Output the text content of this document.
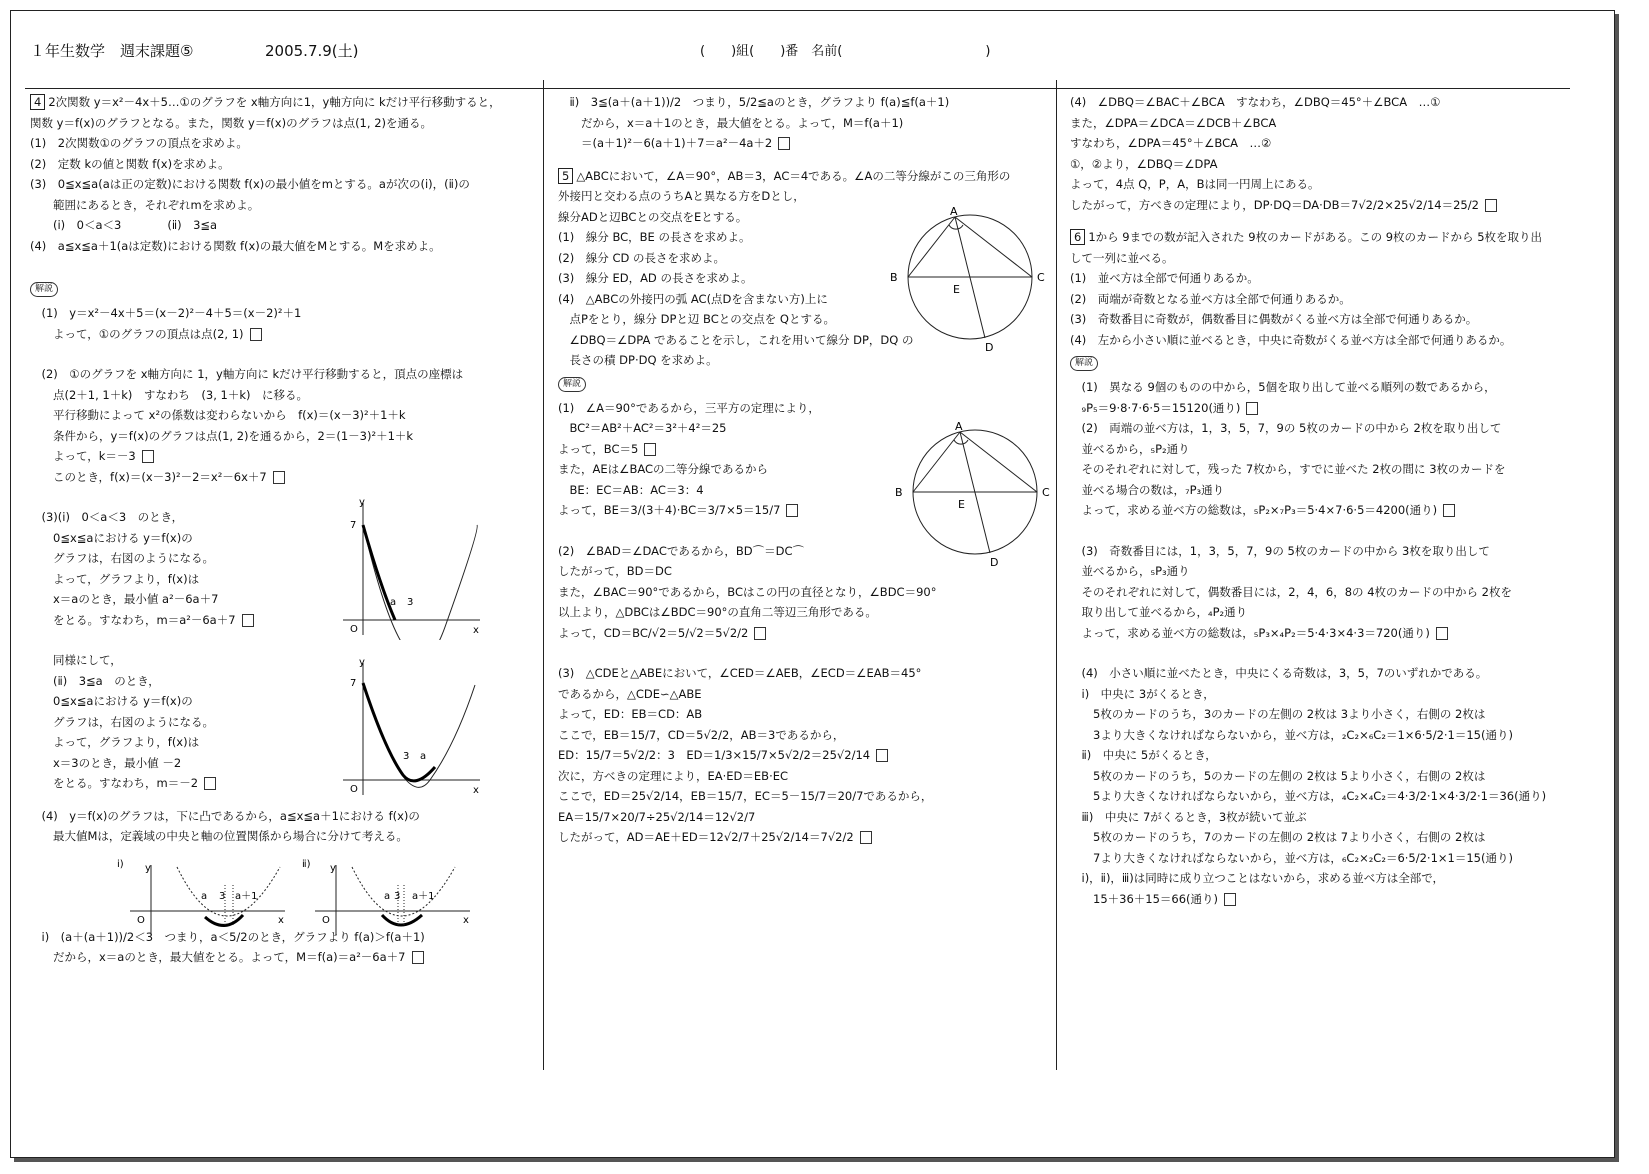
１年生数学　週末課題⑤	2005.7.9(土)	(　　)組(　　)番　名前(　　　　　　　　　　　)

4 2次関数 y＝x²－4x＋5…①のグラフを x軸方向に1，y軸方向に kだけ平行移動すると，

関数 y＝f(x)のグラフとなる。また，関数 y＝f(x)のグラフは点(1, 2)を通る。

(1)　2次関数①のグラフの頂点を求めよ。

(2)　定数 kの値と関数 f(x)を求めよ。

(3)　0≦x≦a(aは正の定数)における関数 f(x)の最小値をmとする。aが次の(ⅰ)，(ⅱ)の

　　範囲にあるとき，それぞれmを求めよ。

　　(ⅰ)　0＜a＜3　　　　(ⅱ)　3≦a

(4)　a≦x≦a＋1(aは定数)における関数 f(x)の最大値をMとする。Mを求めよ。

解説

　(1)　y＝x²－4x＋5＝(x－2)²－4＋5＝(x－2)²＋1

　　よって，①のグラフの頂点は点(2, 1)

　(2)　①のグラフを x軸方向に 1，y軸方向に kだけ平行移動すると，頂点の座標は

　　点(2＋1, 1＋k)　すなわち　(3, 1＋k)　に移る。

　　平行移動によって x²の係数は変わらないから　f(x)＝(x－3)²＋1＋k

　　条件から，y＝f(x)のグラフは点(1, 2)を通るから，2＝(1－3)²＋1＋k

　　よって，k＝－3

　　このとき，f(x)＝(x－3)²－2＝x²－6x＋7

　(3)(ⅰ)　0＜a＜3　のとき，

　　0≦x≦aにおける y＝f(x)の

　　グラフは，右図のようになる。

　　よって，グラフより，f(x)は

　　x＝aのとき，最小値 a²－6a＋7

　　をとる。すなわち，m＝a²－6a＋7

　　同様にして，

　　(ⅱ)　3≦a　のとき，

　　0≦x≦aにおける y＝f(x)の

　　グラフは，右図のようになる。

　　よって，グラフより，f(x)は

　　x＝3のとき，最小値 －2

　　をとる。すなわち，m＝－2

　(4)　y＝f(x)のグラフは，下に凸であるから，a≦x≦a＋1における f(x)の

　　最大値Mは，定義域の中央と軸の位置関係から場合に分けて考える。

　ⅰ)　(a＋(a＋1))/2＜3　つまり，a＜5/2のとき，グラフより f(a)＞f(a＋1)

　　だから，x＝aのとき，最大値をとる。よって，M＝f(a)＝a²－6a＋7

　ⅱ)　3≦(a＋(a＋1))/2　つまり，5/2≦aのとき，グラフより f(a)≦f(a＋1)

　　だから，x＝a＋1のとき，最大値をとる。よって，M＝f(a＋1)

　　＝(a＋1)²－6(a＋1)＋7＝a²－4a＋2

5 △ABCにおいて，∠A＝90°，AB＝3，AC＝4である。∠Aの二等分線がこの三角形の

外接円と交わる点のうちAと異なる方をDとし，

線分ADと辺BCとの交点をEとする。

(1)　線分 BC，BE の長さを求めよ。

(2)　線分 CD の長さを求めよ。

(3)　線分 ED，AD の長さを求めよ。

(4)　△ABCの外接円の弧 AC(点Dを含まない方)上に

　点Pをとり，線分 DPと辺 BCとの交点を Qとする。

　∠DBQ＝∠DPA であることを示し，これを用いて線分 DP，DQ の

　長さの積 DP·DQ を求めよ。

解説

(1)　∠A＝90°であるから，三平方の定理により，

　BC²＝AB²＋AC²＝3²＋4²＝25

よって，BC＝5

また，AEは∠BACの二等分線であるから

　BE：EC＝AB：AC＝3：4

よって，BE＝3/(3＋4)·BC＝3/7×5＝15/7

(2)　∠BAD＝∠DACであるから，BD⌒＝DC⌒

したがって，BD＝DC

また，∠BAC＝90°であるから，BCはこの円の直径となり，∠BDC＝90°

以上より，△DBCは∠BDC＝90°の直角二等辺三角形である。

よって，CD＝BC/√2＝5/√2＝5√2/2

(3)　△CDEと△ABEにおいて，∠CED＝∠AEB，∠ECD＝∠EAB＝45°

であるから，△CDE∽△ABE

よって，ED：EB＝CD：AB

ここで，EB＝15/7，CD＝5√2/2，AB＝3であるから，

ED：15/7＝5√2/2：3　ED＝1/3×15/7×5√2/2＝25√2/14

次に，方べきの定理により，EA·ED＝EB·EC

ここで，ED＝25√2/14，EB＝15/7，EC＝5－15/7＝20/7であるから，

EA＝15/7×20/7÷25√2/14＝12√2/7

したがって，AD＝AE＋ED＝12√2/7＋25√2/14＝7√2/2

(4)　∠DBQ＝∠BAC＋∠BCA　すなわち，∠DBQ＝45°＋∠BCA　…①

また，∠DPA＝∠DCA＝∠DCB＋∠BCA

すなわち，∠DPA＝45°＋∠BCA　…②

①，②より，∠DBQ＝∠DPA

よって，4点 Q，P，A，Bは同一円周上にある。

したがって，方べきの定理により，DP·DQ＝DA·DB＝7√2/2×25√2/14＝25/2

6 1から 9までの数が記入された 9枚のカードがある。この 9枚のカードから 5枚を取り出

して一列に並べる。

(1)　並べ方は全部で何通りあるか。

(2)　両端が奇数となる並べ方は全部で何通りあるか。

(3)　奇数番目に奇数が，偶数番目に偶数がくる並べ方は全部で何通りあるか。

(4)　左から小さい順に並べるとき，中央に奇数がくる並べ方は全部で何通りあるか。

解説

　(1)　異なる 9個のものの中から，5個を取り出して並べる順列の数であるから，

　₉P₅＝9·8·7·6·5＝15120(通り)

　(2)　両端の並べ方は，1，3，5，7，9の 5枚のカードの中から 2枚を取り出して

　並べるから，₅P₂通り

　そのそれぞれに対して，残った 7枚から，すでに並べた 2枚の間に 3枚のカードを

　並べる場合の数は，₇P₃通り

　よって，求める並べ方の総数は，₅P₂×₇P₃＝5·4×7·6·5＝4200(通り)

　(3)　奇数番目には，1，3，5，7，9の 5枚のカードの中から 3枚を取り出して

　並べるから，₅P₃通り

　そのそれぞれに対して，偶数番目には，2，4，6，8の 4枚のカードの中から 2枚を

　取り出して並べるから，₄P₂通り

　よって，求める並べ方の総数は，₅P₃×₄P₂＝5·4·3×4·3＝720(通り)

　(4)　小さい順に並べたとき，中央にくる奇数は，3，5，7のいずれかである。

　ⅰ)　中央に 3がくるとき，

　　5枚のカードのうち，3のカードの左側の 2枚は 3より小さく，右側の 2枚は

　　3より大きくなければならないから，並べ方は，₂C₂×₆C₂＝1×6·5/2·1＝15(通り)

　ⅱ)　中央に 5がくるとき，

　　5枚のカードのうち，5のカードの左側の 2枚は 5より小さく，右側の 2枚は

　　5より大きくなければならないから，並べ方は，₄C₂×₄C₂＝4·3/2·1×4·3/2·1＝36(通り)

　ⅲ)　中央に 7がくるとき，3枚が続いて並ぶ

　　5枚のカードのうち，7のカードの左側の 2枚は 7より小さく，右側の 2枚は

　　7より大きくなければならないから，並べ方は，₆C₂×₂C₂＝6·5/2·1×1＝15(通り)

　ⅰ)，ⅱ)，ⅲ)は同時に成り立つことはないから，求める並べ方は全部で，

　　15＋36＋15＝66(通り)

y
x
O
7
a 3
y
x
O
7
3 a
ⅰ) y
x
O
a 3 a＋1
ⅱ) y
x
O
a 3 a＋1
A
B	C
D
E
A
B	C
D
E
